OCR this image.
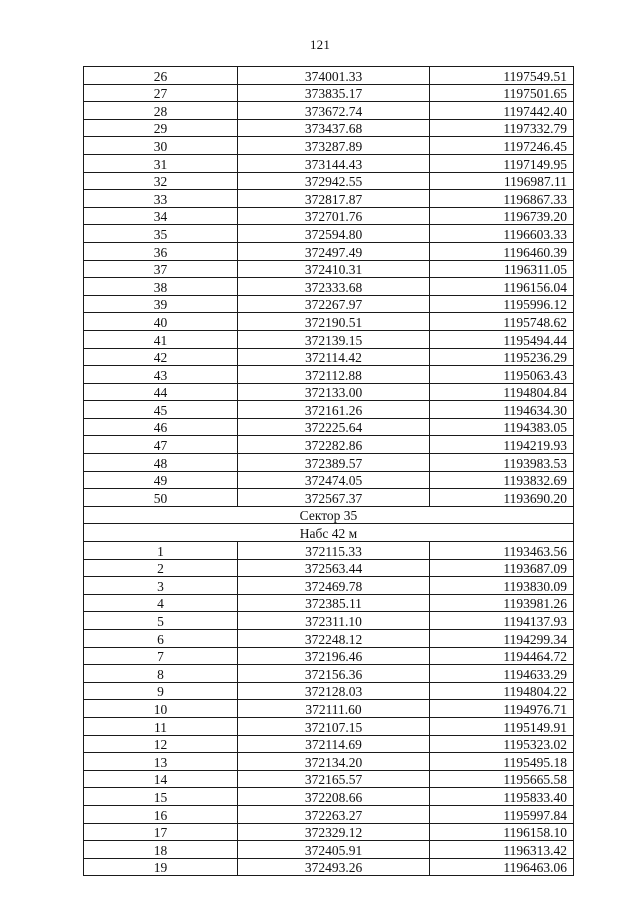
121
26	374001.33	1197549.51
27	373835.17	1197501.65
28	373672.74	1197442.40
29	373437.68	1197332.79
30	373287.89	1197246.45
31	373144.43	1197149.95
32	372942.55	1196987.11
33	372817.87	1196867.33
34	372701.76	1196739.20
35	372594.80	1196603.33
36	372497.49	1196460.39
37	372410.31	1196311.05
38	372333.68	1196156.04
39	372267.97	1195996.12
40	372190.51	1195748.62
41	372139.15	1195494.44
42	372114.42	1195236.29
43	372112.88	1195063.43
44	372133.00	1194804.84
45	372161.26	1194634.30
46	372225.64	1194383.05
47	372282.86	1194219.93
48	372389.57	1193983.53
49	372474.05	1193832.69
50	372567.37	1193690.20
Сектор 35		
Набс 42 м		
1	372115.33	1193463.56
2	372563.44	1193687.09
3	372469.78	1193830.09
4	372385.11	1193981.26
5	372311.10	1194137.93
6	372248.12	1194299.34
7	372196.46	1194464.72
8	372156.36	1194633.29
9	372128.03	1194804.22
10	372111.60	1194976.71
11	372107.15	1195149.91
12	372114.69	1195323.02
13	372134.20	1195495.18
14	372165.57	1195665.58
15	372208.66	1195833.40
16	372263.27	1195997.84
17	372329.12	1196158.10
18	372405.91	1196313.42
19	372493.26	1196463.06
